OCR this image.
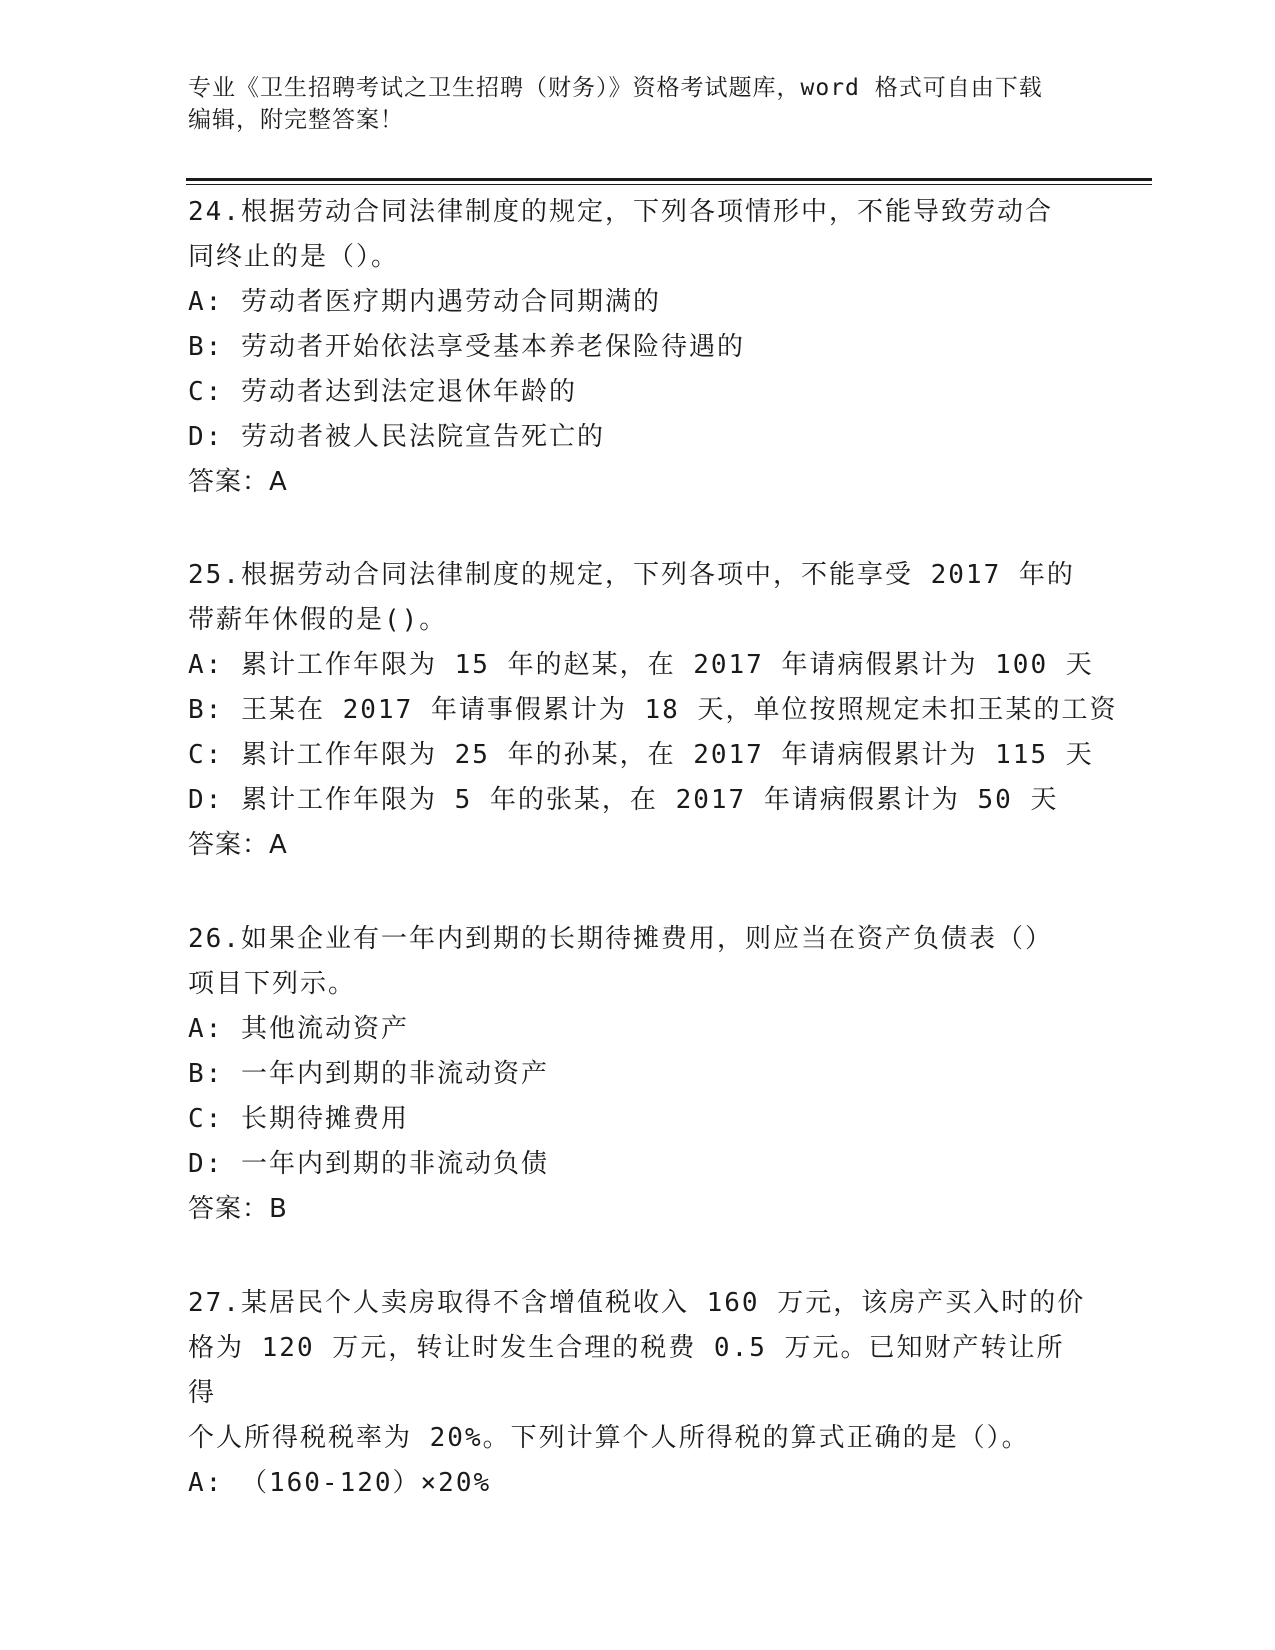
专业《卫生招聘考试之卫生招聘（财务）》资格考试题库，word 格式可自由下载

编辑，附完整答案！

24.根据劳动合同法律制度的规定，下列各项情形中，不能导致劳动合

同终止的是（）。

A: 劳动者医疗期内遇劳动合同期满的

B: 劳动者开始依法享受基本养老保险待遇的

C: 劳动者达到法定退休年龄的

D: 劳动者被人民法院宣告死亡的

答案：A

25.根据劳动合同法律制度的规定，下列各项中，不能享受 2017 年的

带薪年休假的是()。

A: 累计工作年限为 15 年的赵某，在 2017 年请病假累计为 100 天

B: 王某在 2017 年请事假累计为 18 天，单位按照规定未扣王某的工资

C: 累计工作年限为 25 年的孙某，在 2017 年请病假累计为 115 天

D: 累计工作年限为 5 年的张某，在 2017 年请病假累计为 50 天

答案：A

26.如果企业有一年内到期的长期待摊费用，则应当在资产负债表（）

项目下列示。

A: 其他流动资产

B: 一年内到期的非流动资产

C: 长期待摊费用

D: 一年内到期的非流动负债

答案：B

27.某居民个人卖房取得不含增值税收入 160 万元，该房产买入时的价

格为 120 万元，转让时发生合理的税费 0.5 万元。已知财产转让所得

个人所得税税率为 20%。下列计算个人所得税的算式正确的是（）。

A: （160-120）×20%
